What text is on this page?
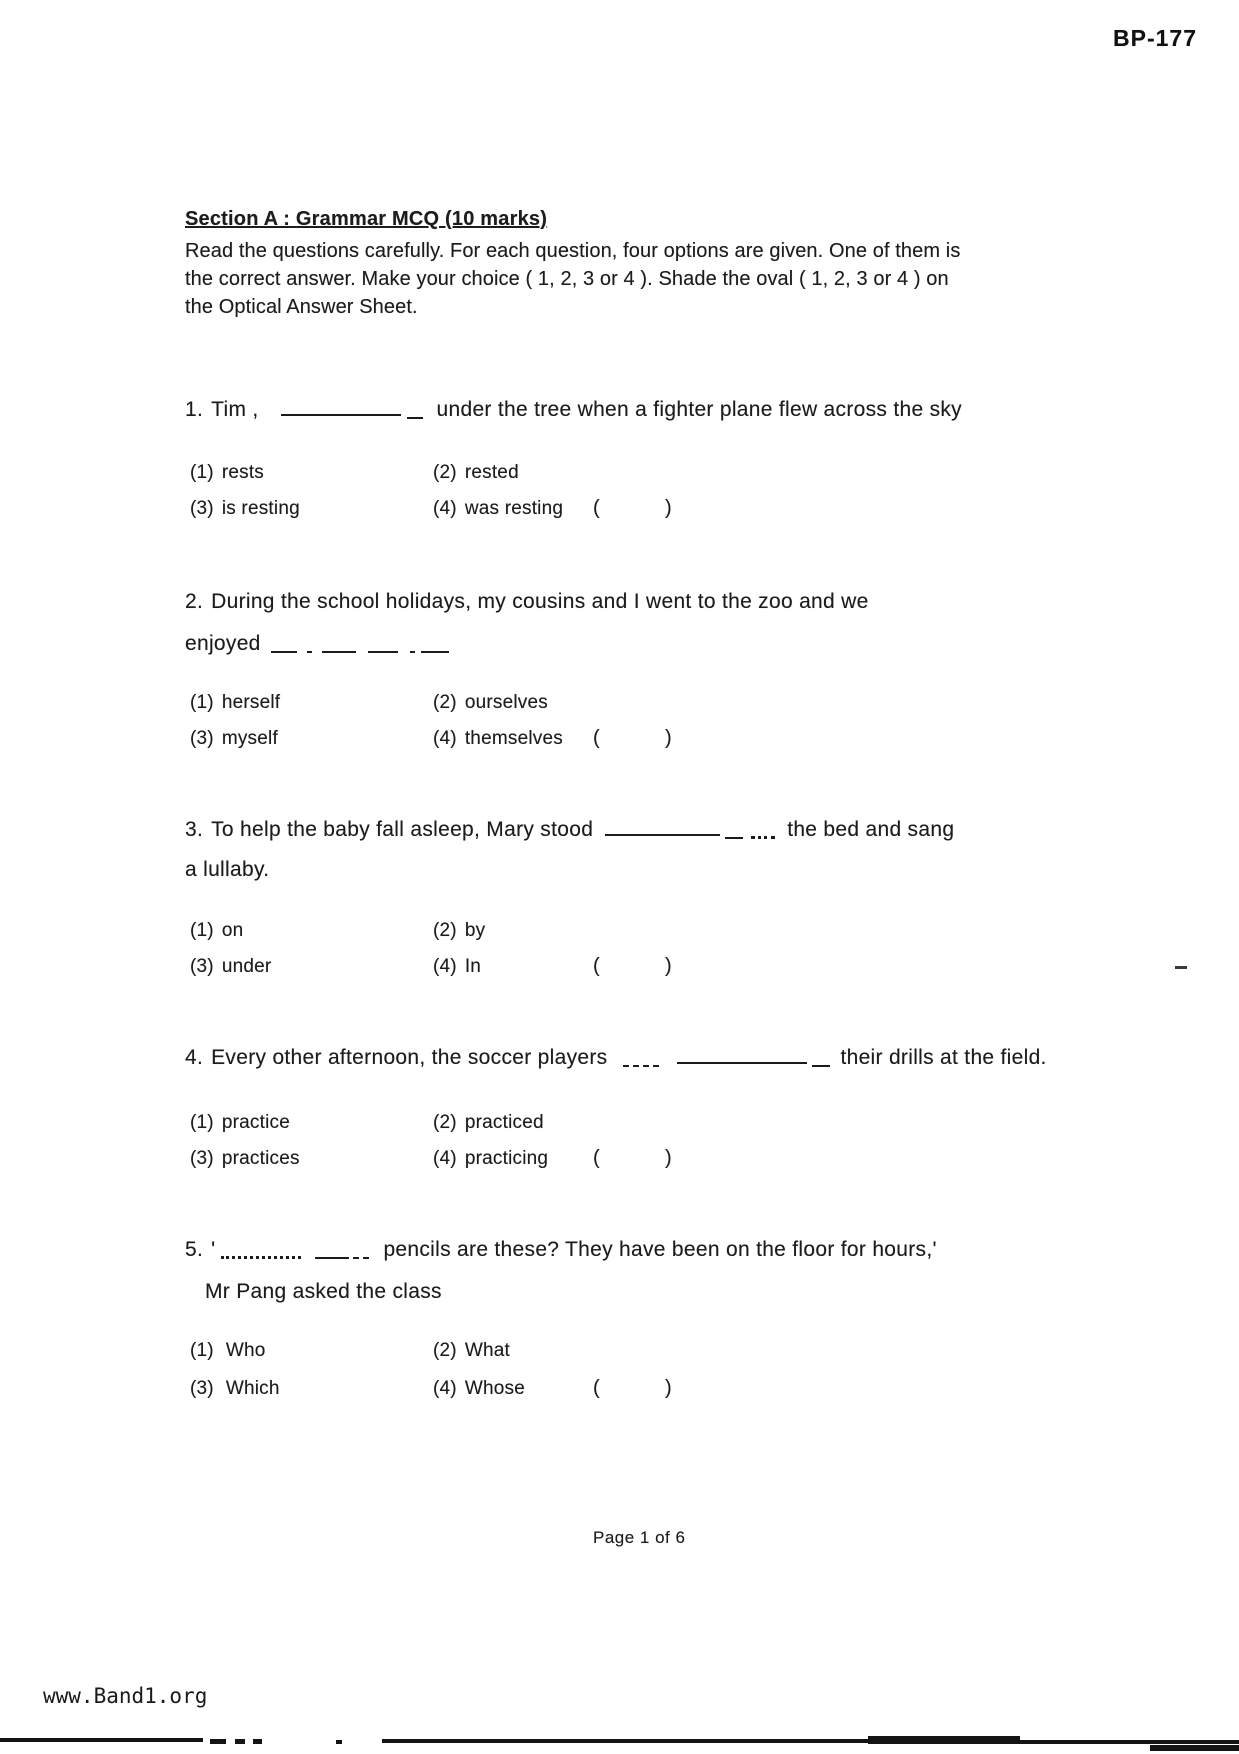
BP-177
Section A : Grammar MCQ (10 marks)
Read the questions carefully. For each question, four options are given. One of them is
the correct answer. Make your choice ( 1, 2, 3 or 4 ). Shade the oval ( 1, 2, 3 or 4 ) on
the Optical Answer Sheet.
1. Tim ,	under the tree when a fighter plane flew across the sky
(1) rests	(2) rested
(3) is resting	(4) was resting (	)
2. During the school holidays, my cousins and I went to the zoo and we
enjoyed
(1) herself	(2) ourselves
(3) myself	(4) themselves (	)
3. To help the baby fall asleep, Mary stood	the bed and sang
a lullaby.
(1) on	(2) by
(3) under	(4) In	(	)
4. Every other afternoon, the soccer players	their drills at the field.
(1) practice	(2) practiced
(3) practices	(4) practicing (	)
5. '	pencils are these? They have been on the floor for hours,'
Mr Pang asked the class
(1) Who	(2) What
(3) Which	(4) Whose	(	)
Page 1 of 6
www.Band1.org
